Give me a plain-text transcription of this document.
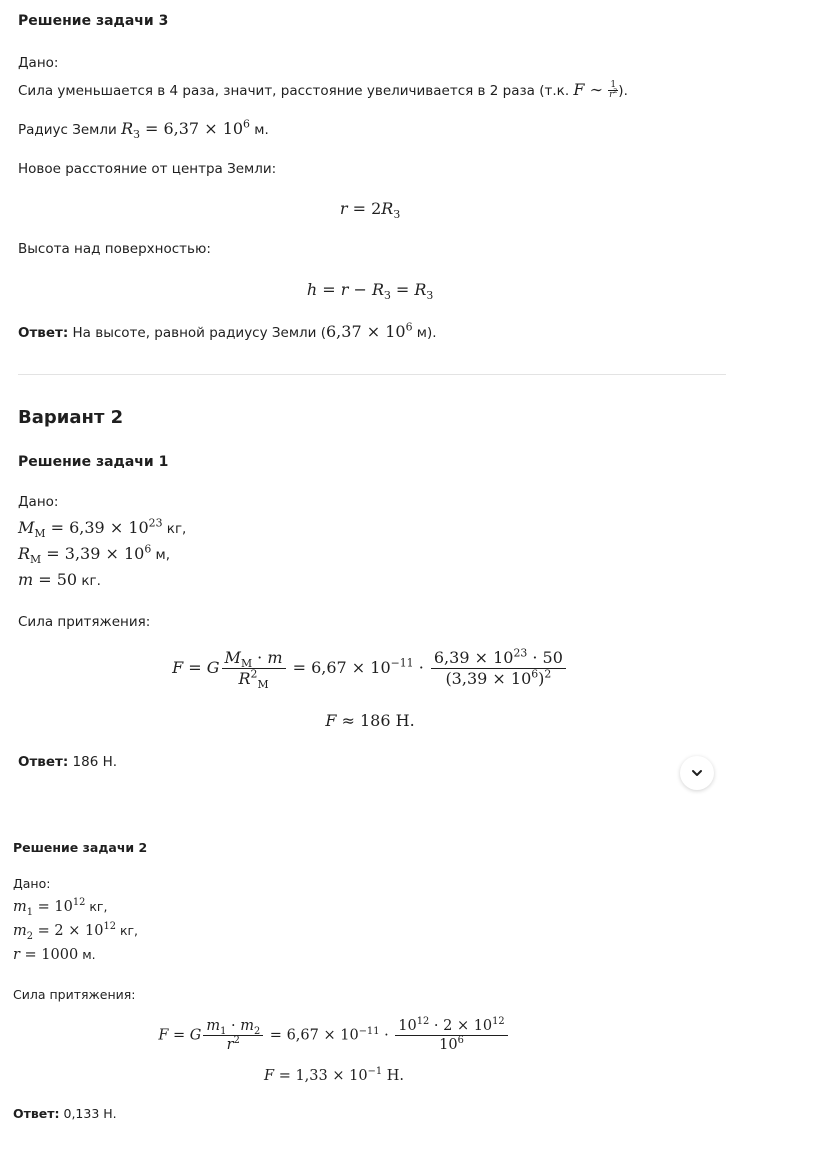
Решение задачи 3
Дано:
Сила уменьшается в 4 раза, значит, расстояние увеличивается в 2 раза (т.к. F ∼ $\frac{1}{r^2}$ ).
Радиус Земли $R_З = 6,37 \times 10^6$ м.
Новое расстояние от центра Земли:
$r = 2R_З$
Высота над поверхностью:
$h = r - R_З = R_З$
Ответ: На высоте, равной радиусу Земли ($6,37 \times 10^6$ м).
Вариант 2
Решение задачи 1
Дано:
$M_M = 6,39 \times 10^{23}$ кг,
$R_M = 3,39 \times 10^6$ м,
m = 50 кг.
Сила притяжения:
F = G $\frac{M_M \cdot m}{R^2_M} = 6,67 \times 10^{-11} \cdot \frac{6,39 \times 10^{23} \cdot 50}{(3,39 \times 10^6)^2}$
F ≈ 186 Н.
Ответ: 186 Н.
Решение задачи 2
Дано:
$m_1 = 10^{12}$ кг,
$m_2 = 2 \times 10^{12}$ кг,
r = 1000 м.
Сила притяжения:
F = G $\frac{m_1 \cdot m_2}{r^2} = 6,67 \times 10^{-11} \cdot \frac{10^{12} \cdot 2 \times 10^{12}}{10^6}$
$F = 1,33 \times 10^{-1}$ Н.
Ответ: 0,133 Н.
